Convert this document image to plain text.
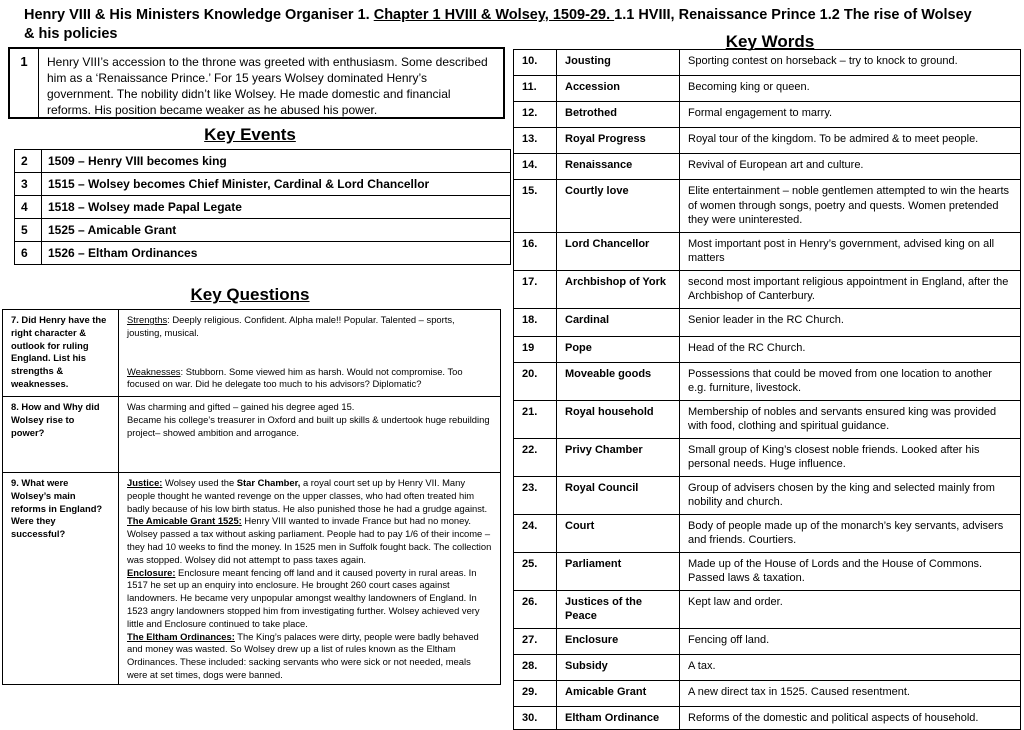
Henry VIII & His Ministers Knowledge Organiser 1. Chapter 1 HVIII & Wolsey, 1509-29. 1.1 HVIII, Renaissance Prince 1.2 The rise of Wolsey & his policies
1	Henry VIII’s accession to the throne was greeted with enthusiasm. Some described him as a ‘Renaissance Prince.’ For 15 years Wolsey dominated Henry’s government. The nobility didn’t like Wolsey. He made domestic and financial reforms. His position became weaker as he abused his power.
Key Events
2	1509 – Henry VIII becomes king
3	1515 – Wolsey becomes Chief Minister, Cardinal & Lord Chancellor
4	1518 – Wolsey made Papal Legate
5	1525 – Amicable Grant
6	1526 – Eltham Ordinances
Key Questions
7. Did Henry have the right character & outlook for ruling England. List his strengths & weaknesses.	Strengths: Deeply religious. Confident. Alpha male!! Popular. Talented – sports, jousting, musical.
Weaknesses: Stubborn. Some viewed him as harsh. Would not compromise. Too focused on war. Did he delegate too much to his advisors? Diplomatic?
8. How and Why did Wolsey rise to power?	Was charming and gifted – gained his degree aged 15.
Became his college’s treasurer in Oxford and built up skills & undertook huge rebuilding project– showed ambition and arrogance.

9. What were Wolsey’s main reforms in England? Were they successful?	Justice: Wolsey used the Star Chamber, a royal court set up by Henry VII. Many people thought he wanted revenge on the upper classes, who had often treated him badly because of his low birth status. He also punished those he had a grudge against.
The Amicable Grant 1525: Henry VIII wanted to invade France but had no money. Wolsey passed a tax without asking parliament. People had to pay 1/6 of their income – they had 10 weeks to find the money. In 1525 men in Suffolk fought back. The collection was stopped. Wolsey did not attempt to pass taxes again.
Enclosure: Enclosure meant fencing off land and it caused poverty in rural areas. In 1517 he set up an enquiry into enclosure. He brought 260 court cases against landowners. He became very unpopular amongst wealthy landowners of England. In 1523 angry landowners stopped him from investigating further. Wolsey achieved very little and Enclosure continued to take place.
The Eltham Ordinances: The King’s palaces were dirty, people were badly behaved and money was wasted. So Wolsey drew up a list of rules known as the Eltham Ordinances. These included: sacking servants who were sick or not needed, meals were at set times, dogs were banned.
Key Words
10.	Jousting	Sporting contest on horseback – try to knock to ground.
11.	Accession	Becoming king or queen.
12.	Betrothed	Formal engagement to marry.
13.	Royal Progress	Royal tour of the kingdom. To be admired & to meet people.
14.	Renaissance	Revival of European art and culture.
15.	Courtly love	Elite entertainment – noble gentlemen attempted to win the hearts of women through songs, poetry and quests. Women pretended they were uninterested.
16.	Lord Chancellor	Most important post in Henry’s government, advised king on all matters
17.	Archbishop of York	second most important religious appointment in England, after the Archbishop of Canterbury.
18.	Cardinal	Senior leader in the RC Church.
19	Pope	Head of the RC Church.
20.	Moveable goods	Possessions that could be moved from one location to another e.g. furniture, livestock.
21.	Royal household	Membership of nobles and servants ensured king was provided with food, clothing and spiritual guidance.
22.	Privy Chamber	Small group of King’s closest noble friends. Looked after his personal needs. Huge influence.
23.	Royal Council	Group of advisers chosen by the king and selected mainly from nobility and church.
24.	Court	Body of people made up of the monarch’s key servants, advisers and friends. Courtiers.
25.	Parliament	Made up of the House of Lords and the House of Commons. Passed laws & taxation.
26.	Justices of the Peace	Kept law and order.
27.	Enclosure	Fencing off land.
28.	Subsidy	A tax.
29.	Amicable Grant	A new direct tax in 1525. Caused resentment.
30.	Eltham Ordinance	Reforms of the domestic and political aspects of household.
